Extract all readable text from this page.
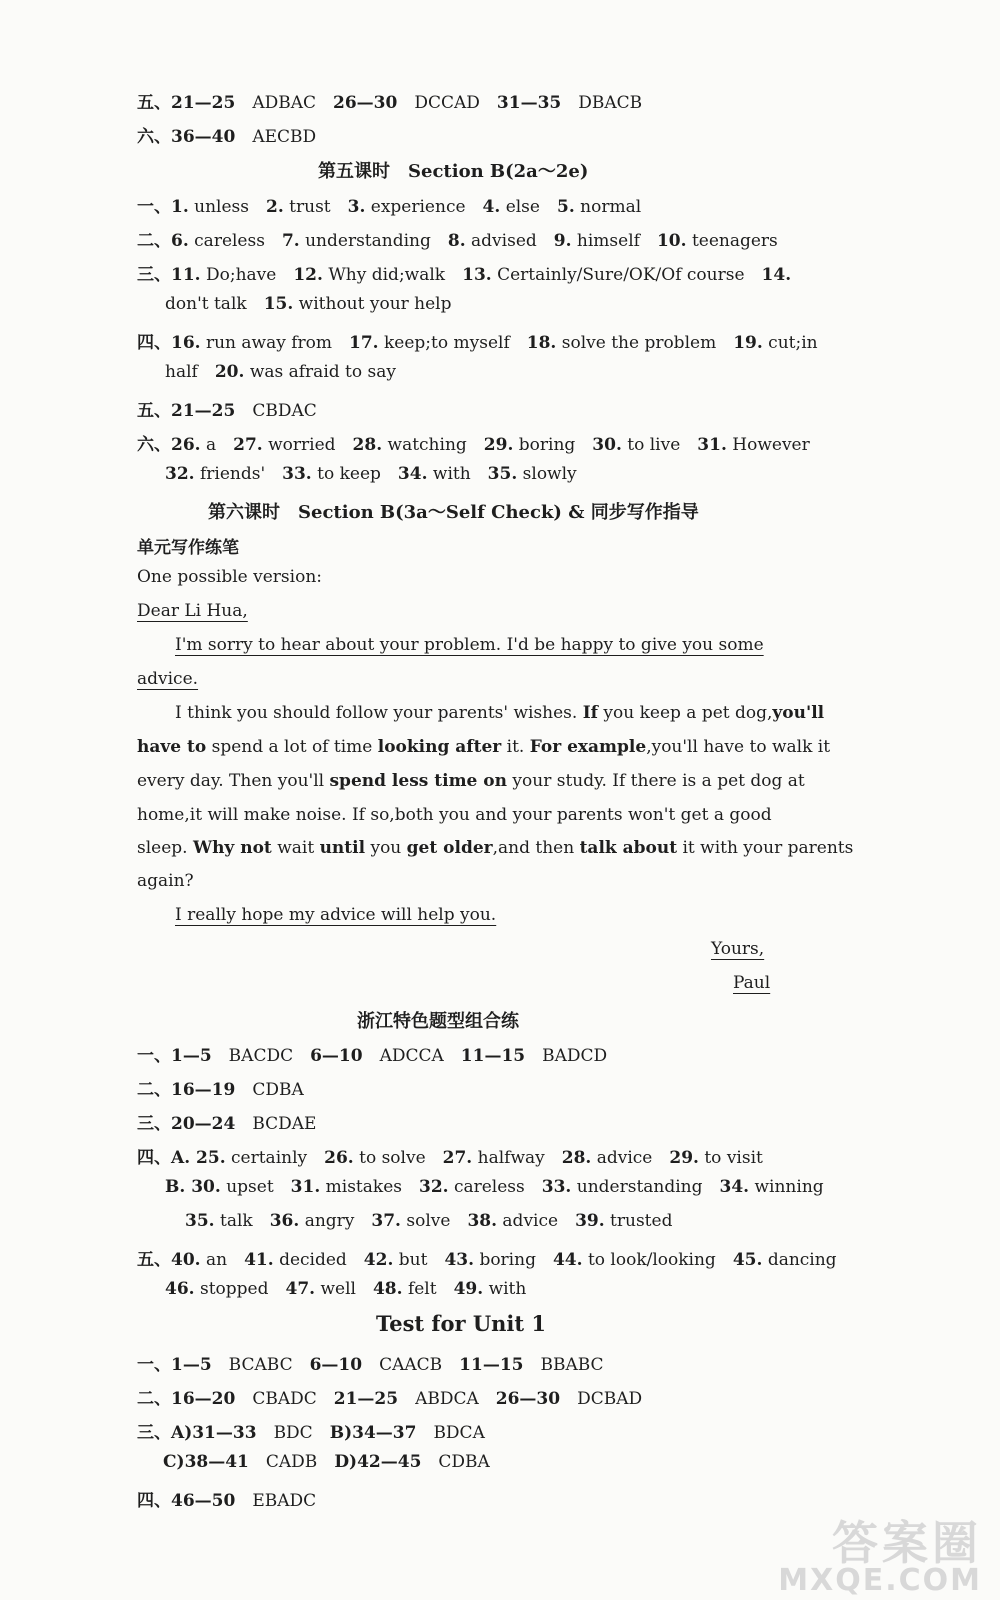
五、21—25  ADBAC  26—30  DCCAD  31—35  DBACB
六、36—40  AECBD
第五课时　Section B(2a～2e)
一、1. unless   2. trust   3. experience   4. else   5. normal
二、6. careless   7. understanding   8. advised   9. himself   10. teenagers
三、11. Do;have   12. Why did;walk   13. Certainly/Sure/OK/Of course   14.
don't talk   15. without your help
四、16. run away from   17. keep;to myself   18. solve the problem   19. cut;in
half   20. was afraid to say
五、21—25  CBDAC
六、26. a   27. worried   28. watching   29. boring   30. to live   31. However
32. friends'   33. to keep   34. with   35. slowly
第六课时　Section B(3a～Self Check) & 同步写作指导
单元写作练笔
One possible version:
Dear Li Hua,
I'm sorry to hear about your problem. I'd be happy to give you some
advice.
I think you should follow your parents' wishes. If you keep a pet dog,you'll
have to spend a lot of time looking after it. For example,you'll have to walk it
every day. Then you'll spend less time on your study. If there is a pet dog at
home,it will make noise. If so,both you and your parents won't get a good
sleep. Why not wait until you get older,and then talk about it with your parents
again?
I really hope my advice will help you.
Yours,
Paul
浙江特色题型组合练
一、1—5  BACDC  6—10  ADCCA  11—15  BADCD
二、16—19  CDBA
三、20—24  BCDAE
四、A. 25. certainly   26. to solve   27. halfway   28. advice   29. to visit
B. 30. upset   31. mistakes   32. careless   33. understanding   34. winning
35. talk   36. angry   37. solve   38. advice   39. trusted
五、40. an   41. decided   42. but   43. boring   44. to look/looking   45. dancing
46. stopped   47. well   48. felt   49. with
Test for Unit 1
一、1—5  BCABC  6—10  CAACB  11—15  BBABC
二、16—20  CBADC  21—25  ABDCA  26—30  DCBAD
三、A)31—33  BDC  B)34—37  BDCA
C)38—41  CADB  D)42—45  CDBA
四、46—50  EBADC
答案圈
MXQE.COM
